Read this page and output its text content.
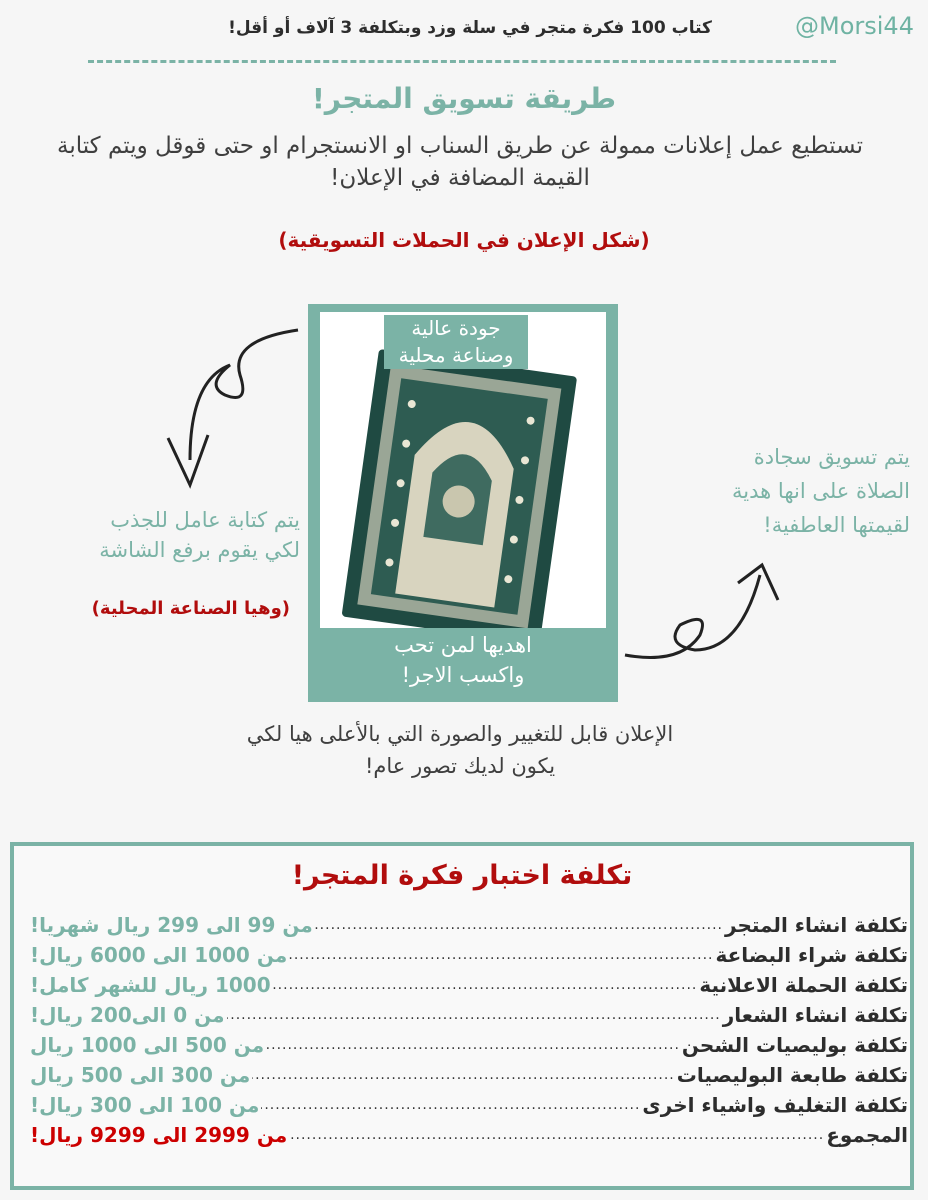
@Morsi44
كتاب 100 فكرة متجر في سلة وزد وبتكلفة 3 آلاف أو أقل!
طريقة تسويق المتجر!
تستطيع عمل إعلانات ممولة عن طريق السناب او الانستجرام او حتى قوقل ويتم كتابة القيمة المضافة في الإعلان!
(شكل الإعلان في الحملات التسويقية)
جودة عالية
وصناعة محلية
اهديها لمن تحب
واكسب الاجر!
يتم كتابة عامل للجذب
لكي يقوم برفع الشاشة
(وهيا الصناعة المحلية)
يتم تسويق سجادة
الصلاة على انها هدية
لقيمتها العاطفية!
الإعلان قابل للتغيير والصورة التي بالأعلى هيا لكي
يكون لديك تصور عام!
تكلفة اختبار فكرة المتجر!
تكلفة انشاء المتجر
.....
من 99 الى 299 ريال شهريا!
تكلفة شراء البضاعة
.....
من 1000 الى 6000 ريال!
تكلفة الحملة الاعلانية
.....
1000 ريال للشهر كامل!
تكلفة انشاء الشعار
.....
من 0 الى200 ريال!
تكلفة بوليصيات الشحن
.....
من 500 الى 1000 ريال
تكلفة طابعة البوليصيات
.....
من 300 الى 500 ريال
تكلفة التغليف واشياء اخرى
.....
من 100 الى 300 ريال!
المجموع
.....
من 2999 الى 9299 ريال!
